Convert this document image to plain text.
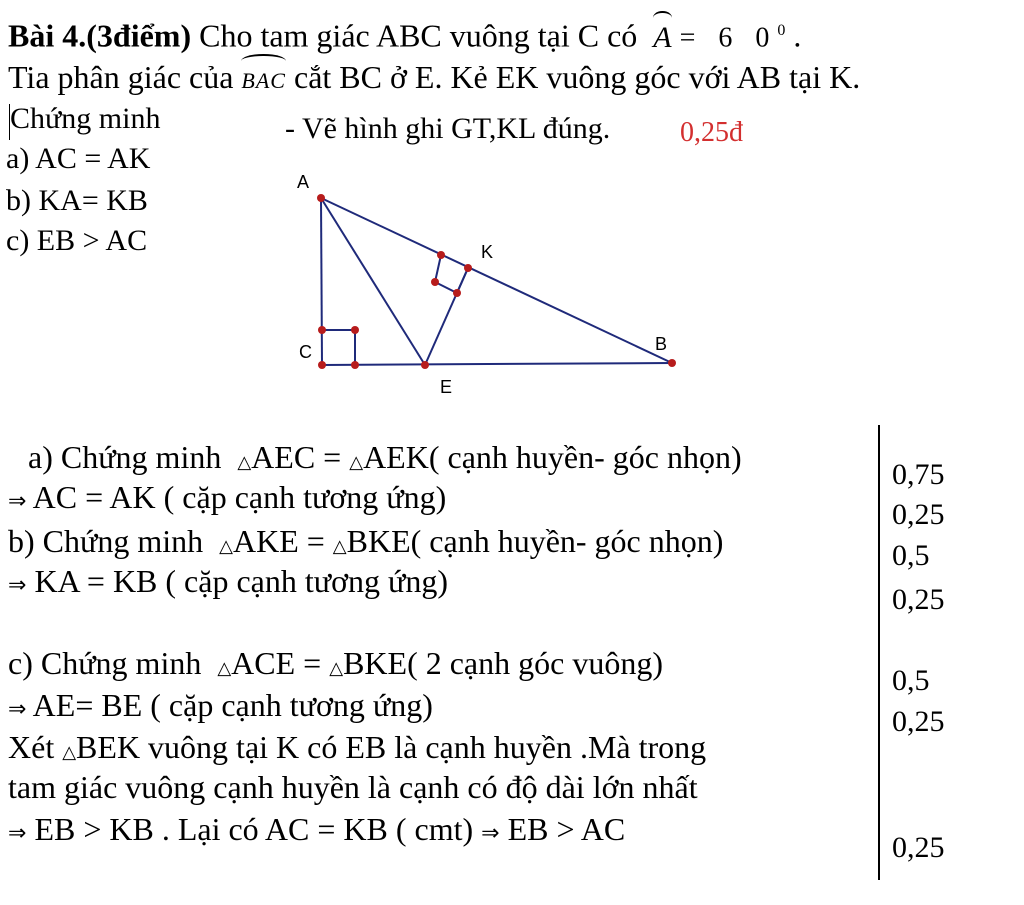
Bài 4.(3điểm) Cho tam giác ABC vuông tại C có A = 6 $0^0$ .
Tia phân giác của BAC cắt BC ở E. Kẻ EK vuông góc với AB tại K.
Chứng minh
a) AC = AK
b) KA= KB
c) EB > AC
- Vẽ hình ghi GT,KL đúng. 0,25đ
A
K
C	B
E
a) Chứng minh △AEC = △AEK( cạnh huyền- góc nhọn)
⇒ AC = AK ( cặp cạnh tương ứng)
b) Chứng minh △AKE = △BKE( cạnh huyền- góc nhọn)
⇒ KA = KB ( cặp cạnh tương ứng)
c) Chứng minh △ACE = △BKE( 2 cạnh góc vuông)
⇒ AE= BE ( cặp cạnh tương ứng)
Xét △BEK vuông tại K có EB là cạnh huyền .Mà trong
tam giác vuông cạnh huyền là cạnh có độ dài lớn nhất
⇒ EB > KB . Lại có AC = KB ( cmt) ⇒ EB > AC
0,75
0,25
0,5
0,25
0,5
0,25
0,25
